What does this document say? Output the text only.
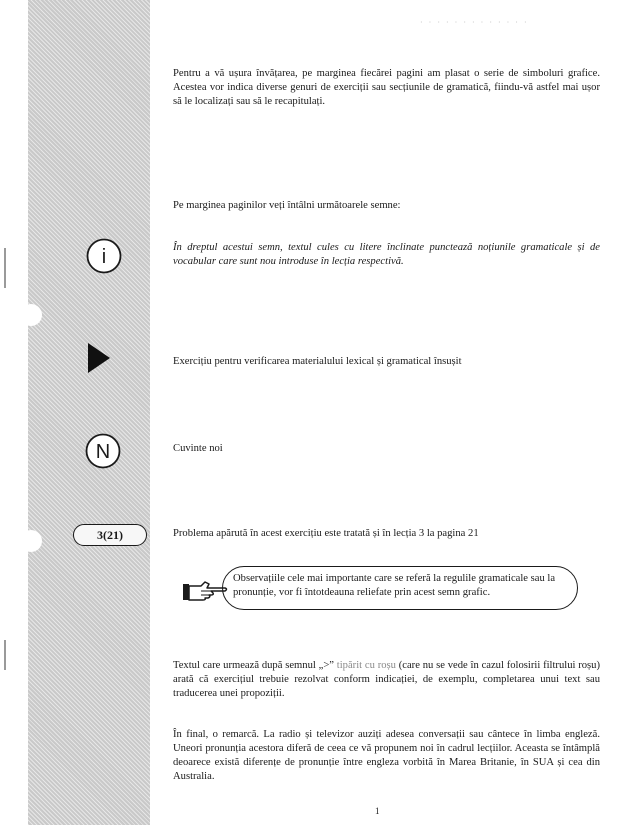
· · · · · · · · · · · · ·
i
N
3(21)

Pentru a vă ușura învățarea, pe marginea fiecărei pagini am plasat o serie de simboluri grafice. Acestea vor indica diverse genuri de exerciții sau secțiunile de gramatică, fiindu-vă astfel mai ușor să le localizați sau să le recapitulați.

Pe marginea paginilor veți întâlni următoarele semne:

În dreptul acestui semn, textul cules cu litere înclinate punctează noțiunile gramaticale și de vocabular care sunt nou introduse în lecția respectivă.

Exercițiu pentru verificarea materialului lexical și gramatical însușit

Cuvinte noi

Problema apărută în acest exercițiu este tratată și în lecția 3 la pagina 21

Observațiile cele mai importante care se referă la regulile gramaticale sau la pronunție, vor fi întotdeauna reliefate prin acest semn grafic.

Textul care urmează după semnul „>” tipărit cu roșu (care nu se vede în cazul folosirii filtrului roșu) arată că exercițiul trebuie rezolvat conform indicației, de exemplu, completarea unui text sau traducerea unei propoziții.

În final, o remarcă. La radio și televizor auziți adesea conversații sau cântece în limba engleză. Uneori pronunția acestora diferă de ceea ce vă propunem noi în cadrul lecțiilor. Aceasta se întâmplă deoarece există diferențe de pronunție între engleza vorbită în Marea Britanie, în SUA și cea din Australia.

1
